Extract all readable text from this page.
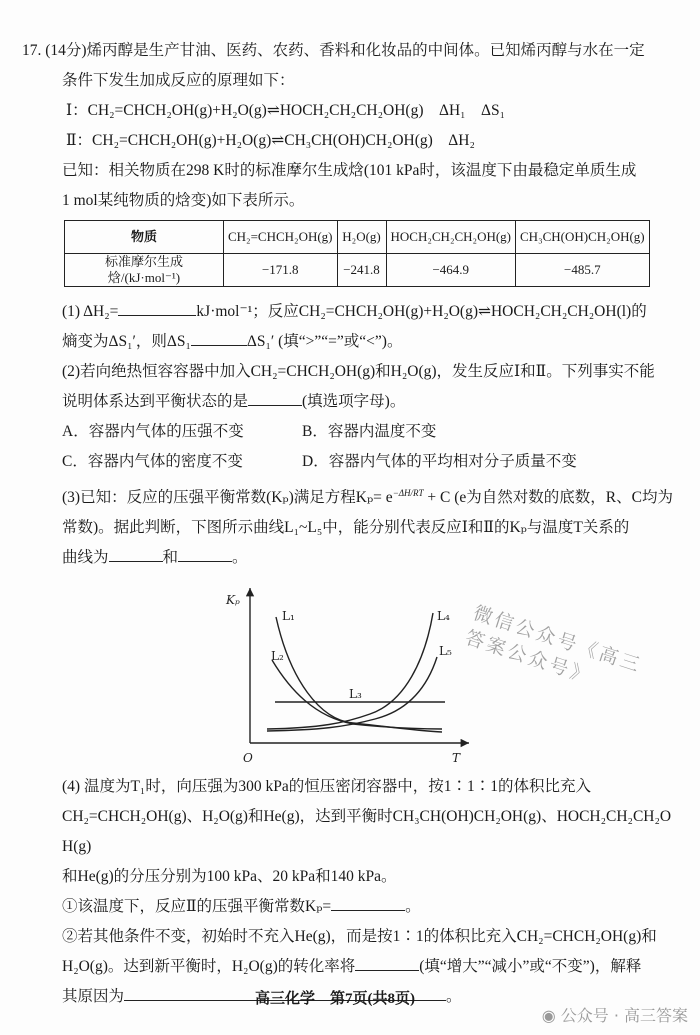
17. (14分)烯丙醇是生产甘油、医药、农药、香料和化妆品的中间体。已知烯丙醇与水在一定
条件下发生加成反应的原理如下：
Ⅰ：CH₂=CHCH₂OH(g)+H₂O(g)⇌HOCH₂CH₂CH₂OH(g)　ΔH₁　ΔS₁
Ⅱ：CH₂=CHCH₂OH(g)+H₂O(g)⇌CH₃CH(OH)CH₂OH(g)　ΔH₂
已知：相关物质在298 K时的标准摩尔生成焓(101 kPa时，该温度下由最稳定单质生成
1 mol某纯物质的焓变)如下表所示。
物质	CH₂=CHCH₂OH(g)	H₂O(g)	HOCH₂CH₂CH₂OH(g)	CH₃CH(OH)CH₂OH(g)
标准摩尔生成焓/(kJ·mol⁻¹)	−171.8	−241.8	−464.9	−485.7
(1) ΔH₂=	kJ·mol⁻¹；反应CH₂=CHCH₂OH(g)+H₂O(g)⇌HOCH₂CH₂CH₂OH(l)的
熵变为ΔS₁′，则ΔS₁	ΔS₁′ (填“>”“=”或“<”)。
(2)若向绝热恒容容器中加入CH₂=CHCH₂OH(g)和H₂O(g)，发生反应Ⅰ和Ⅱ。下列事实不能
说明体系达到平衡状态的是	(填选项字母)。
A．容器内气体的压强不变	B．容器内温度不变
C．容器内气体的密度不变	D．容器内气体的平均相对分子质量不变
(3)已知：反应的压强平衡常数(Kₚ)满足方程$K_p= e^{-\Delta H/RT} + C$ (e为自然对数的底数，R、C均为
常数)。据此判断，下图所示曲线L₁~L₅中，能分别代表反应Ⅰ和Ⅱ的Kₚ与温度T关系的
曲线为	和	。
Kₚ
T
O
L₁
L₂
L₃
L₄
L₅
(4) 温度为T₁时，向压强为300 kPa的恒压密闭容器中，按1∶1∶1的体积比充入
CH₂=CHCH₂OH(g)、H₂O(g)和He(g)，达到平衡时CH₃CH(OH)CH₂OH(g)、HOCH₂CH₂CH₂OH(g)
和He(g)的分压分别为100 kPa、20 kPa和140 kPa。
①该温度下，反应Ⅱ的压强平衡常数Kₚ=	。
②若其他条件不变，初始时不充入He(g)，而是按1∶1的体积比充入CH₂=CHCH₂OH(g)和
H₂O(g)。达到新平衡时，H₂O(g)的转化率将	(填“增大”“减小”或“不变”)，解释
其原因为	。
微信公众号《高三答案公众号》
高三化学　第7页(共8页)
◉ 公众号 · 高三答案
